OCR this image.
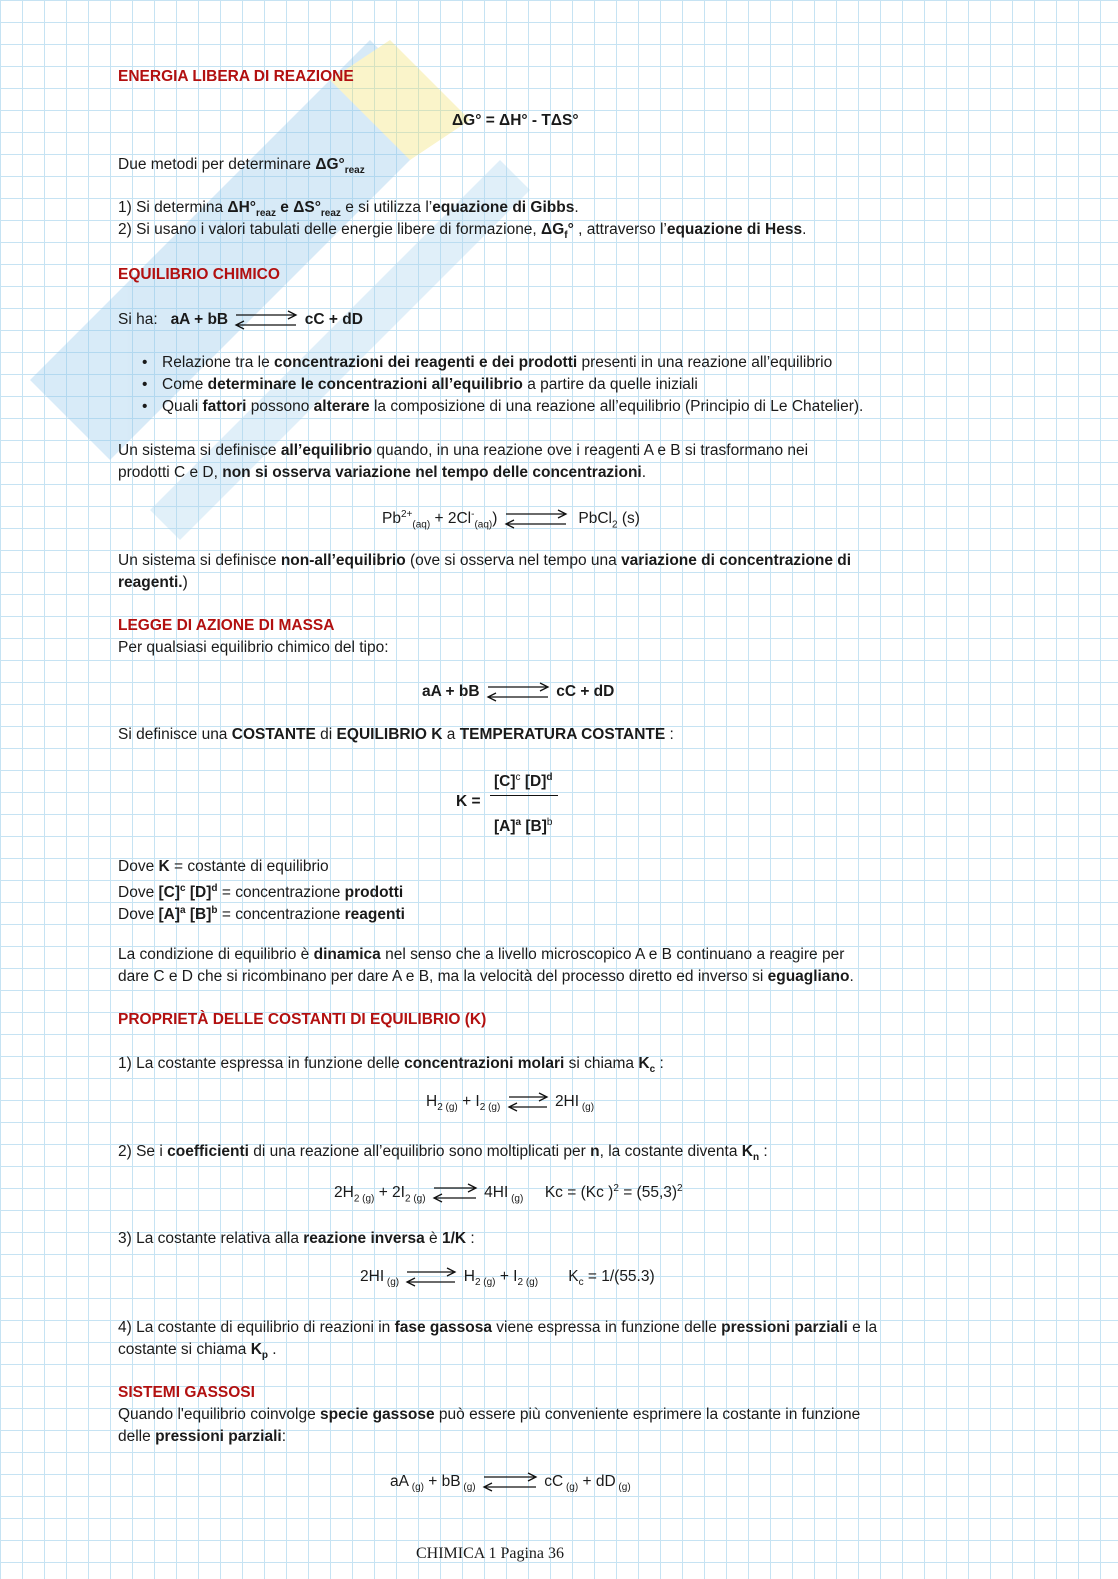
ENERGIA LIBERA DI REAZIONE
ΔG° = ΔH° - TΔS°
Due metodi per determinare $\Delta G^\circ_{reaz}$
1) Si determina $\Delta H^\circ_{reaz}$ e $\Delta S^\circ_{reaz}$ e si utilizza l’equazione di Gibbs.
2) Si usano i valori tabulati delle energie libere di formazione, $\Delta G_f^\circ$ , attraverso l’equazione di Hess.
EQUILIBRIO CHIMICO
Si ha: aA + bB	cC + dD
• Relazione tra le concentrazioni dei reagenti e dei prodotti presenti in una reazione all’equilibrio
• Come determinare le concentrazioni all’equilibrio a partire da quelle iniziali
• Quali fattori possono alterare la composizione di una reazione all’equilibrio (Principio di Le Chatelier).
Un sistema si definisce all’equilibrio quando, in una reazione ove i reagenti A e B si trasformano nei
prodotti C e D, non si osserva variazione nel tempo delle concentrazioni.
$Pb^{2+}_{(aq)} + 2Cl^-_{(aq)}$)	PbCl$_2$ (s)
Un sistema si definisce non-all’equilibrio (ove si osserva nel tempo una variazione di concentrazione di
reagenti.)
LEGGE DI AZIONE DI MASSA
Per qualsiasi equilibrio chimico del tipo:
aA + bB	cC + dD
Si definisce una COSTANTE di EQUILIBRIO K a TEMPERATURA COSTANTE :
K =
$[C]^c$ $[D]^d$
$[A]^a$ $[B]^b$
Dove K = costante di equilibrio
Dove $[C]^c$ $[D]^d$ = concentrazione prodotti
Dove $[A]^a$ $[B]^b$ = concentrazione reagenti
La condizione di equilibrio è dinamica nel senso che a livello microscopico A e B continuano a reagire per
dare C e D che si ricombinano per dare A e B, ma la velocità del processo diretto ed inverso si eguagliano.
PROPRIETÀ DELLE COSTANTI DI EQUILIBRIO (K)
1) La costante espressa in funzione delle concentrazioni molari si chiama $K_c$ :
$H_{2 (g)} + I_{2 (g)}$ ⇌ 2HI $_{(g)}$
2) Se i coefficienti di una reazione all’equilibrio sono moltiplicati per n, la costante diventa $K_n$ :
$2H_{2 (g)} + 2I_{2 (g)}$ ⇌ 4HI $_{(g)}$ Kc = (Kc )$^2 = (55,3)^2$
3) La costante relativa alla reazione inversa è 1/K :
2HI $_{(g)}$ ⇌ $H_{2 (g)} + I_{2 (g)}$ $K_c = 1/(55.3)$
4) La costante di equilibrio di reazioni in fase gassosa viene espressa in funzione delle pressioni parziali e la
costante si chiama $K_p$ .
SISTEMI GASSOSI
Quando l'equilibrio coinvolge specie gassose può essere più conveniente esprimere la costante in funzione
delle pressioni parziali:
aA $_{(g)}$ + bB $_{(g)}$ ⇌ cC $_{(g)}$ + dD $_{(g)}$
CHIMICA 1 Pagina 36
